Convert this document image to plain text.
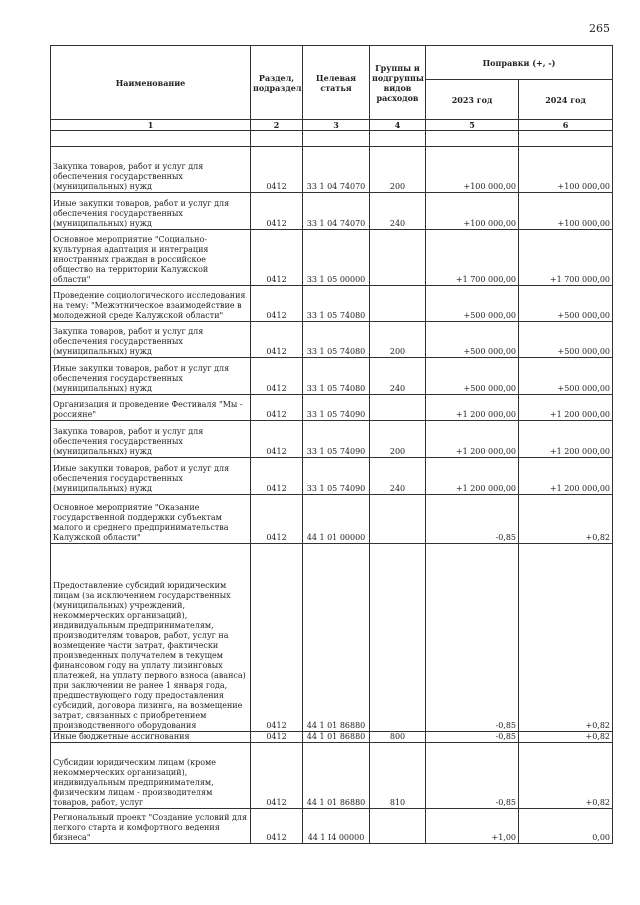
265
Наименование	Раздел, подраздел	Целевая статья	Группы и подгруппы видов расходов	Поправки (+, -)	
				2023 год	2024 год
1	2	3	4	5	6

Закупка товаров, работ и услуг для обеспечения государственных (муниципальных) нужд	0412	33 1 04 74070	200	+100 000,00	+100 000,00
Иные закупки товаров, работ и услуг для обеспечения государственных (муниципальных) нужд	0412	33 1 04 74070	240	+100 000,00	+100 000,00
Основное мероприятие "Социально-культурная адаптация и интеграция иностранных граждан в российское общество на территории Калужской области"	0412	33 1 05 00000		+1 700 000,00	+1 700 000,00
Проведение социологического исследования на тему: "Межэтническое взаимодействие в молодежной среде Калужской области"	0412	33 1 05 74080		+500 000,00	+500 000,00
Закупка товаров, работ и услуг для обеспечения государственных (муниципальных) нужд	0412	33 1 05 74080	200	+500 000,00	+500 000,00
Иные закупки товаров, работ и услуг для обеспечения государственных (муниципальных) нужд	0412	33 1 05 74080	240	+500 000,00	+500 000,00
Организация и проведение Фестиваля "Мы - россияне"	0412	33 1 05 74090		+1 200 000,00	+1 200 000,00
Закупка товаров, работ и услуг для обеспечения государственных (муниципальных) нужд	0412	33 1 05 74090	200	+1 200 000,00	+1 200 000,00
Иные закупки товаров, работ и услуг для обеспечения государственных (муниципальных) нужд	0412	33 1 05 74090	240	+1 200 000,00	+1 200 000,00
Основное мероприятие "Оказание государственной поддержки субъектам малого и среднего предпринимательства Калужской области"	0412	44 1 01 00000		-0,85	+0,82
Предоставление субсидий юридическим лицам (за исключением государственных (муниципальных) учреждений, некоммерческих организаций), индивидуальным предпринимателям, производителям товаров, работ, услуг на возмещение части затрат, фактически произведенных получателем в текущем финансовом году на уплату лизинговых платежей, на уплату первого взноса (аванса) при заключении не ранее 1 января года, предшествующего году предоставления субсидий, договора лизинга, на возмещение затрат, связанных с приобретением производственного оборудования	0412	44 1 01 86880		-0,85	+0,82
Иные бюджетные ассигнования	0412	44 1 01 86880	800	-0,85	+0,82
Субсидии юридическим лицам (кроме некоммерческих организаций), индивидуальным предпринимателям, физическим лицам - производителям товаров, работ, услуг	0412	44 1 01 86880	810	-0,85	+0,82
Региональный проект "Создание условий для легкого старта и комфортного ведения бизнеса"	0412	44 1 I4 00000		+1,00	0,00
